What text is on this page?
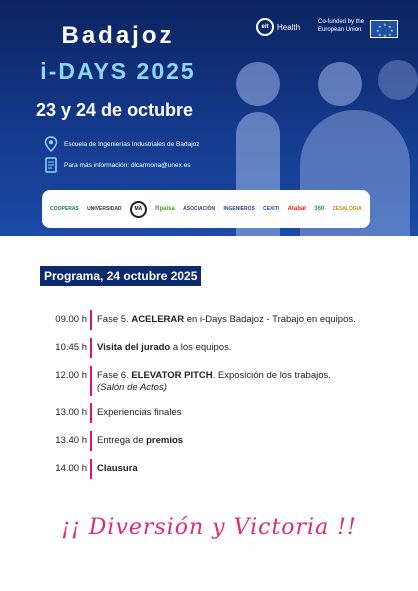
Badajoz
i-DAYS 2025
23 y 24 de octubre
Escuela de Ingenierías Industriales de Badajoz
Para más información: dlcarmona@unex.es
eit	Health
Co-funded by the
European Union
★ ★
★
★
★
★
★
★
COOPERAS UNIVERSIDAD	MA	Rpaisa ASOCIACIÓN INGENIEROS CEXITI Atabal 360 ZESALOGIA
Programa, 24 octubre 2025
09.00 h	Fase 5. ACELERAR en i-Days Badajoz - Trabajo en equipos.
10.45 h	Visita del jurado a los equipos.
12.00 h	Fase 6. ELEVATOR PITCH. Exposición de los trabajos.
(Salón de Actos)
13.00 h	Experiencias finales
13.40 h	Entrega de premios
14.00 h	Clausura
¡¡ Diversión y Victoria !!
